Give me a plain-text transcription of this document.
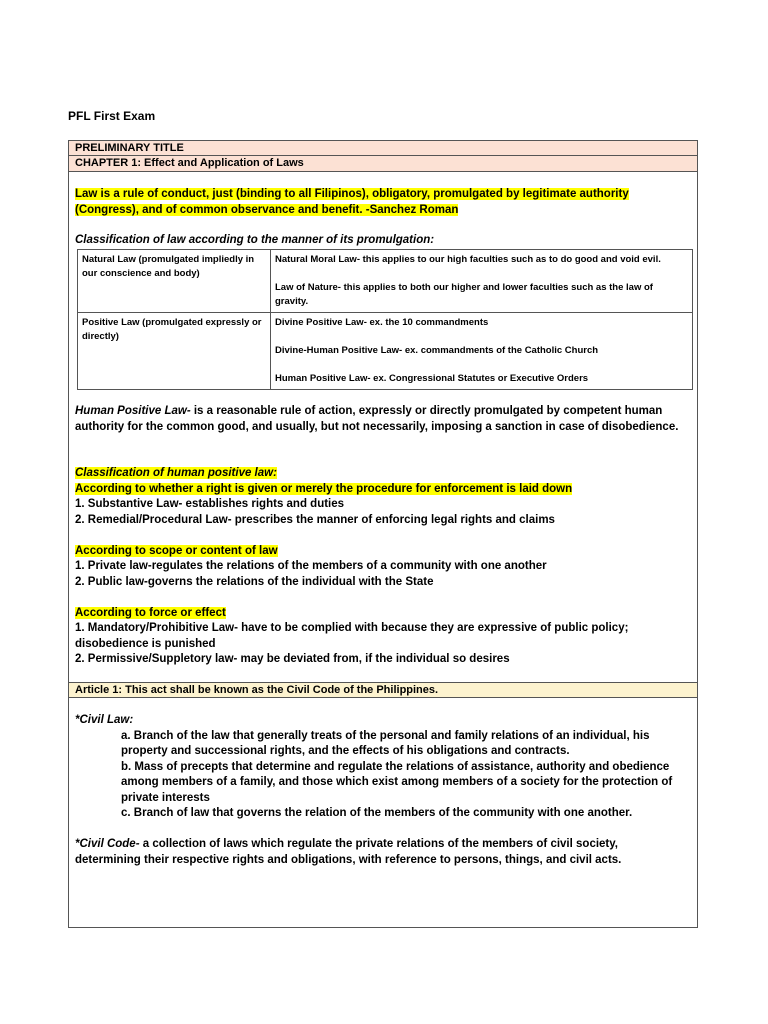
PFL First Exam
PRELIMINARY TITLE
CHAPTER 1: Effect and Application of Laws
Law is a rule of conduct, just (binding to all Filipinos), obligatory, promulgated by legitimate authority (Congress), and of common observance and benefit. -Sanchez Roman
Classification of law according to the manner of its promulgation:
Natural Law (promulgated impliedly in our conscience and body)	Natural Moral Law- this applies to our high faculties such as to do good and void evil.
Law of Nature- this applies to both our higher and lower faculties such as the law of gravity.

Positive Law (promulgated expressly or directly)	Divine Positive Law- ex. the 10 commandments
Divine-Human Positive Law- ex. commandments of the Catholic Church
Human Positive Law- ex. Congressional Statutes or Executive Orders
Human Positive Law- is a reasonable rule of action, expressly or directly promulgated by competent human authority for the common good, and usually, but not necessarily, imposing a sanction in case of disobedience.
Classification of human positive law:
According to whether a right is given or merely the procedure for enforcement is laid down
1. Substantive Law- establishes rights and duties
2. Remedial/Procedural Law- prescribes the manner of enforcing legal rights and claims
According to scope or content of law
1. Private law-regulates the relations of the members of a community with one another
2. Public law-governs the relations of the individual with the State
According to force or effect
1. Mandatory/Prohibitive Law- have to be complied with because they are expressive of public policy; disobedience is punished
2. Permissive/Suppletory law- may be deviated from, if the individual so desires
Article 1: This act shall be known as the Civil Code of the Philippines.
*Civil Law:
a. Branch of the law that generally treats of the personal and family relations of an individual, his property and successional rights, and the effects of his obligations and contracts.
b. Mass of precepts that determine and regulate the relations of assistance, authority and obedience among members of a family, and those which exist among members of a society for the protection of private interests
c. Branch of law that governs the relation of the members of the community with one another.
*Civil Code- a collection of laws which regulate the private relations of the members of civil society, determining their respective rights and obligations, with reference to persons, things, and civil acts.
